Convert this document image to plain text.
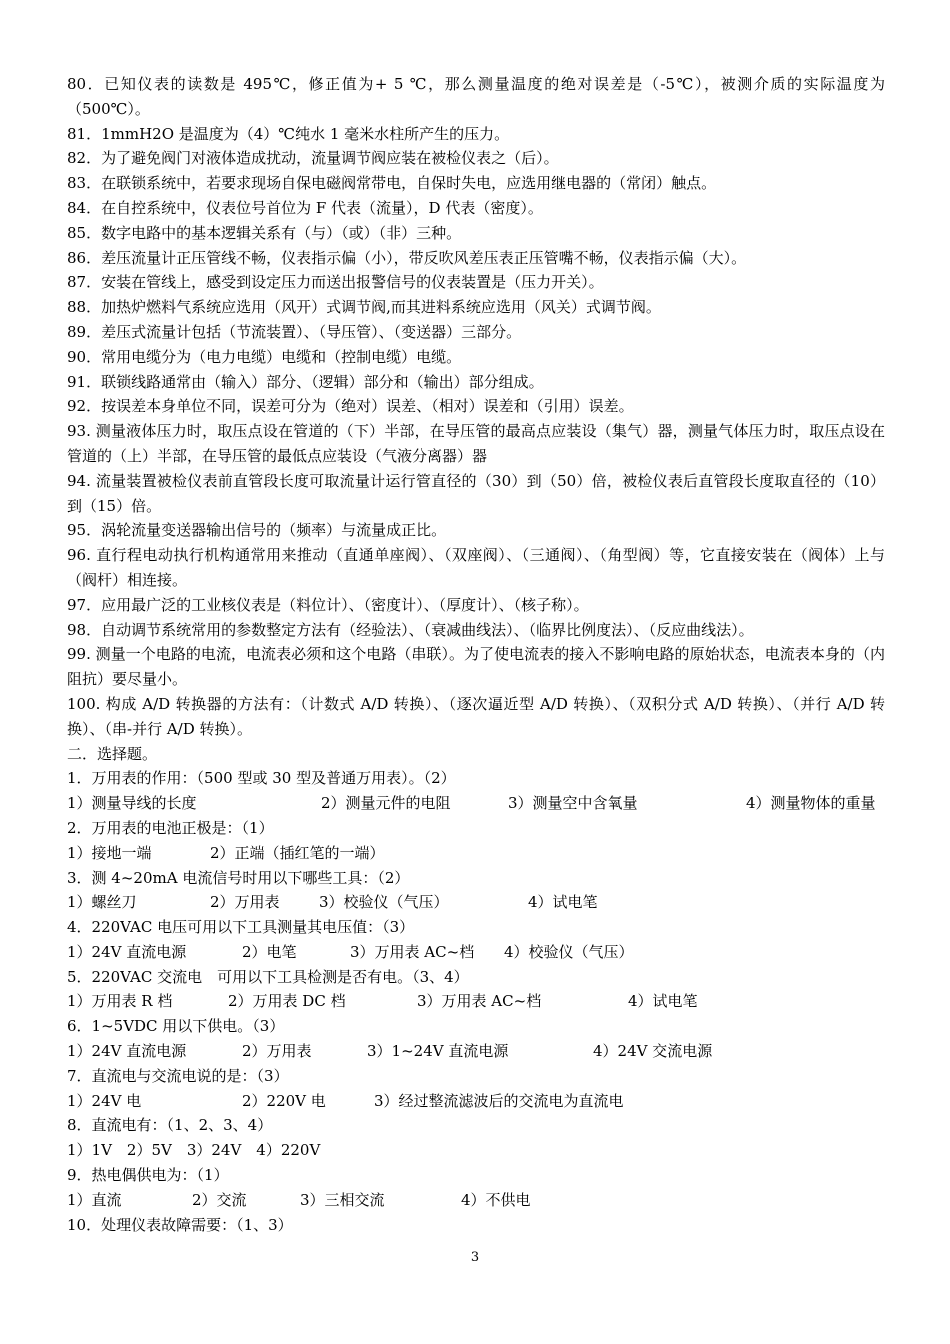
80．已知仪表的读数是 495℃，修正值为+ 5 ℃，那么测量温度的绝对误差是（-5℃），被测介质的实际温度为（500℃）。

81．1mmH2O 是温度为（4）℃纯水 1 毫米水柱所产生的压力。

82．为了避免阀门对液体造成扰动，流量调节阀应装在被检仪表之（后）。

83．在联锁系统中，若要求现场自保电磁阀常带电，自保时失电，应选用继电器的（常闭）触点。

84．在自控系统中，仪表位号首位为 F 代表（流量），D 代表（密度）。

85．数字电路中的基本逻辑关系有（与）（或）（非）三种。

86．差压流量计正压管线不畅，仪表指示偏（小），带反吹风差压表正压管嘴不畅，仪表指示偏（大）。

87．安装在管线上，感受到设定压力而送出报警信号的仪表装置是（压力开关）。

88．加热炉燃料气系统应选用（风开）式调节阀,而其进料系统应选用（风关）式调节阀。

89．差压式流量计包括（节流装置）、（导压管）、（变送器）三部分。

90．常用电缆分为（电力电缆）电缆和（控制电缆）电缆。

91．联锁线路通常由（输入）部分、（逻辑）部分和（输出）部分组成。

92．按误差本身单位不同，误差可分为（绝对）误差、（相对）误差和（引用）误差。

93. 测量液体压力时，取压点设在管道的（下）半部，在导压管的最高点应装设（集气）器，测量气体压力时，取压点设在管道的（上）半部，在导压管的最低点应装设（气液分离器）器

94. 流量装置被检仪表前直管段长度可取流量计运行管直径的（30）到（50）倍，被检仪表后直管段长度取直径的（10）到（15）倍。

95．涡轮流量变送器输出信号的（频率）与流量成正比。

96. 直行程电动执行机构通常用来推动（直通单座阀）、（双座阀）、（三通阀）、（角型阀）等，它直接安装在（阀体）上与（阀杆）相连接。

97．应用最广泛的工业核仪表是（料位计）、（密度计）、（厚度计）、（核子称）。

98．自动调节系统常用的参数整定方法有（经验法）、（衰减曲线法）、（临界比例度法）、（反应曲线法）。

99. 测量一个电路的电流，电流表必须和这个电路（串联）。为了使电流表的接入不影响电路的原始状态，电流表本身的（内阻抗）要尽量小。

100. 构成 A/D 转换器的方法有：（计数式 A/D 转换）、（逐次逼近型 A/D 转换）、（双积分式 A/D 转换）、（并行 A/D 转换）、（串-并行 A/D 转换）。

二．选择题。

1．万用表的作用：（500 型或 30 型及普通万用表）。（2）

1）测量导线的长度	2）测量元件的电阻	3）测量空中含氧量	4）测量物体的重量

2．万用表的电池正极是：（1）

1）接地一端	2）正端（插红笔的一端）

3．测 4~20mA 电流信号时用以下哪些工具：（2）

1）螺丝刀	2）万用表	3）校验仪（气压）	4）试电笔

4．220VAC 电压可用以下工具测量其电压值：（3）

1）24V 直流电源	2）电笔	3）万用表 AC~档 4）校验仪（气压）

5．220VAC 交流电　可用以下工具检测是否有电。（3、4）

1）万用表 R 档	2）万用表 DC 档	3）万用表 AC~档	4）试电笔

6．1~5VDC 用以下供电。（3）

1）24V 直流电源	2）万用表	3）1~24V 直流电源	4）24V 交流电源

7．直流电与交流电说的是：（3）

1）24V 电	2）220V 电	3）经过整流滤波后的交流电为直流电

8．直流电有：（1、2、3、4）

1）1V　2）5V　3）24V　4）220V

9．热电偶供电为：（1）

1）直流	2）交流	3）三相交流	4）不供电

10．处理仪表故障需要：（1、3）

3
